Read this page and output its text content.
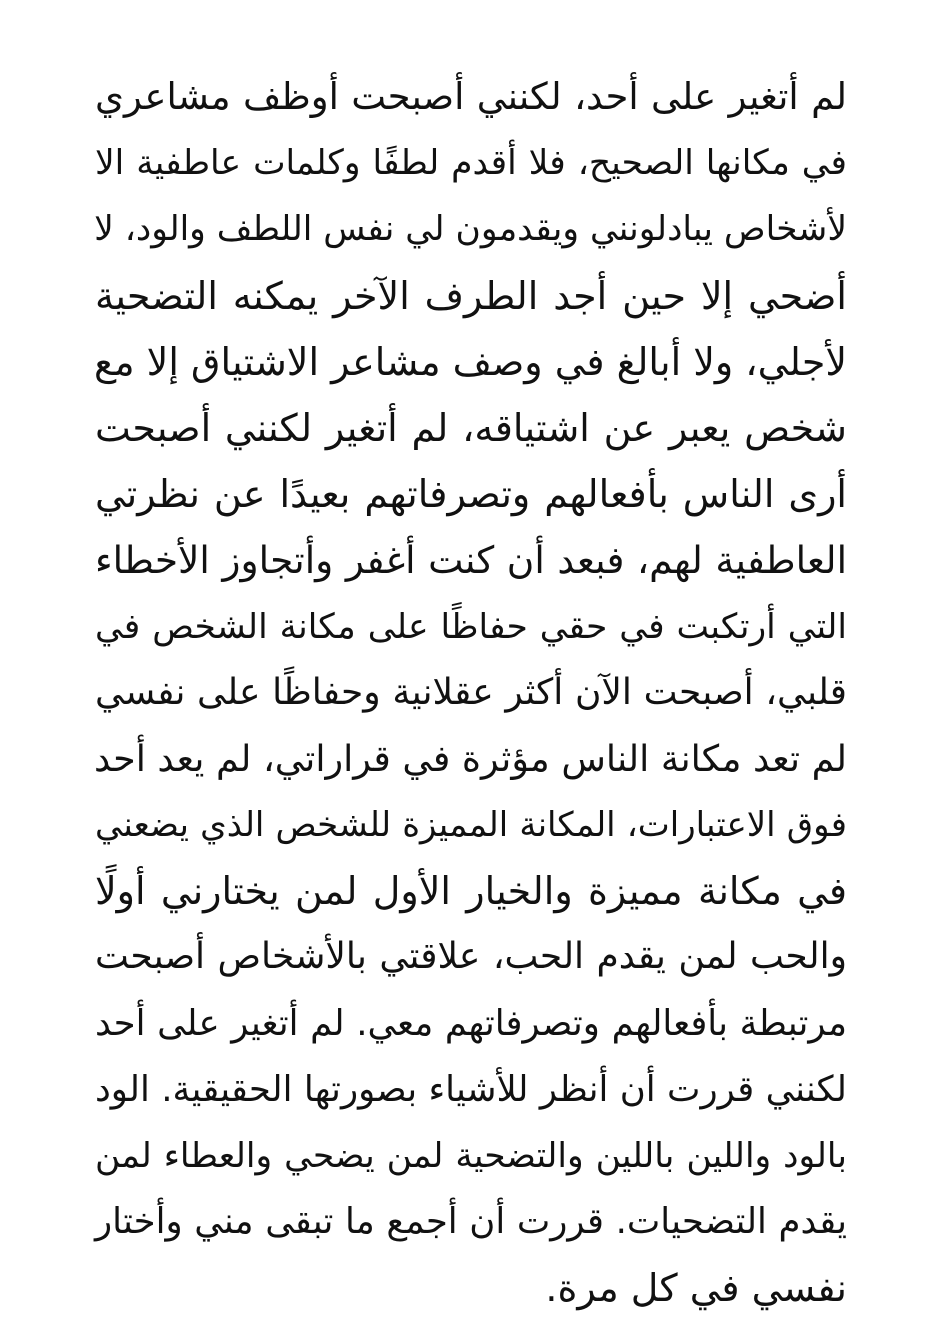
لم أتغير على أحد، لكنني أصبحت أوظف مشاعري
في مكانها الصحيح، فلا أقدم لطفًا وكلمات عاطفية الا
لأشخاص يبادلونني ويقدمون لي نفس اللطف والود، لا
أضحي إلا حين أجد الطرف الآخر يمكنه التضحية
لأجلي، ولا أبالغ في وصف مشاعر الاشتياق إلا مع
شخص يعبر عن اشتياقه، لم أتغير لكنني أصبحت
أرى الناس بأفعالهم وتصرفاتهم بعيدًا عن نظرتي
العاطفية لهم، فبعد أن كنت أغفر وأتجاوز الأخطاء
التي أرتكبت في حقي حفاظًا على مكانة الشخص في
قلبي، أصبحت الآن أكثر عقلانية وحفاظًا على نفسي
لم تعد مكانة الناس مؤثرة في قراراتي، لم يعد أحد
فوق الاعتبارات، المكانة المميزة للشخص الذي يضعني
في مكانة مميزة والخيار الأول لمن يختارني أولًا
والحب لمن يقدم الحب، علاقتي بالأشخاص أصبحت
مرتبطة بأفعالهم وتصرفاتهم معي. لم أتغير على أحد
لكنني قررت أن أنظر للأشياء بصورتها الحقيقية. الود
بالود واللين باللين والتضحية لمن يضحي والعطاء لمن
يقدم التضحيات. قررت أن أجمع ما تبقى مني وأختار
نفسي في كل مرة.
